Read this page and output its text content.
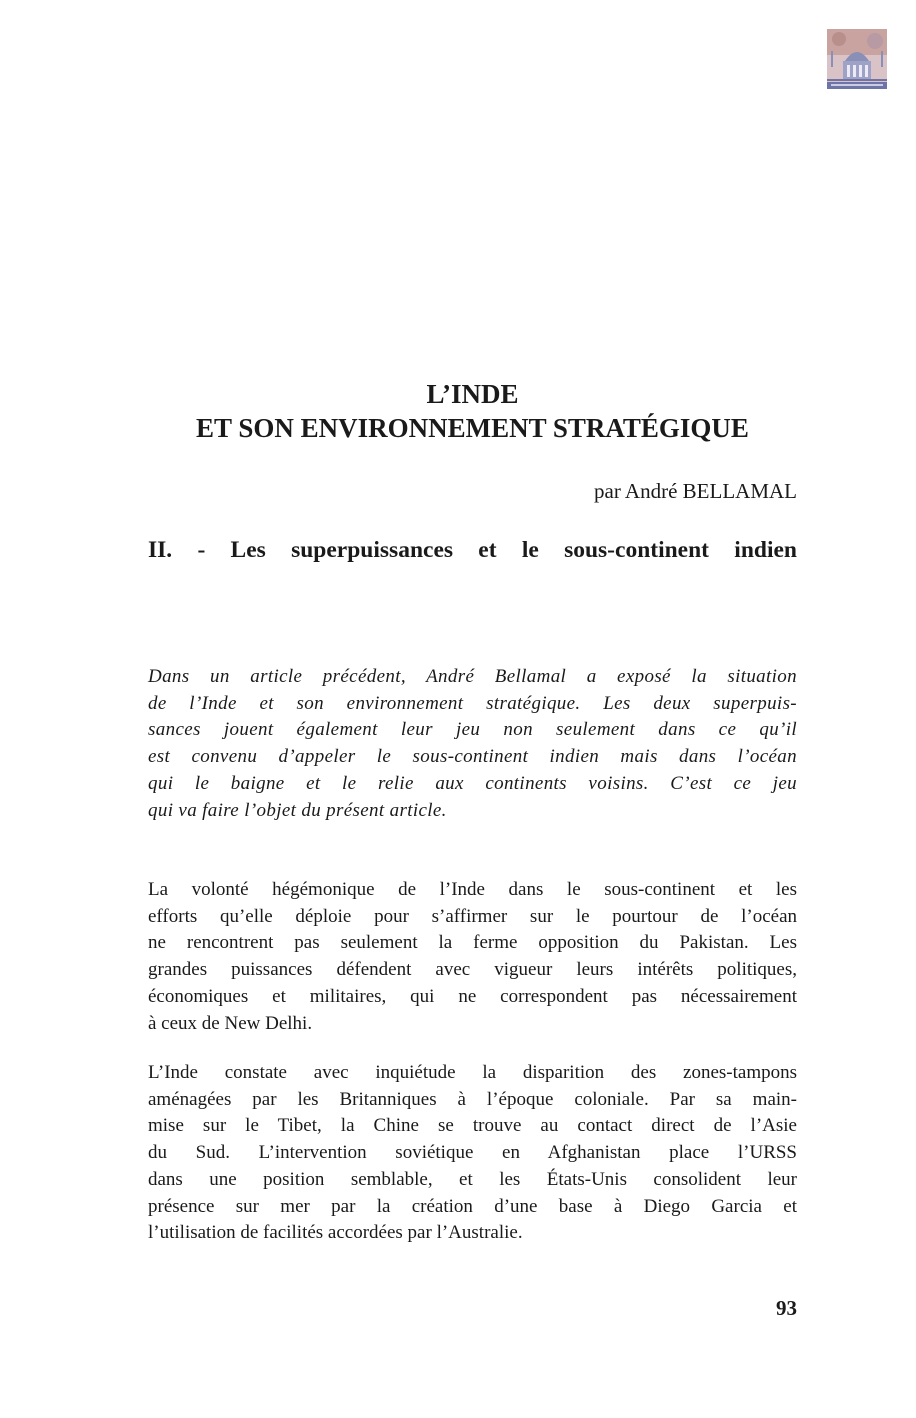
L’INDE
ET SON ENVIRONNEMENT STRATÉGIQUE
par André BELLAMAL
II. - Les superpuissances et le sous-continent indien

Dans un article précédent, André Bellamal a exposé la situation
de l’Inde et son environnement stratégique. Les deux superpuis-
sances jouent également leur jeu non seulement dans ce qu’il
est convenu d’appeler le sous-continent indien mais dans l’océan
qui le baigne et le relie aux continents voisins. C’est ce jeu
qui va faire l’objet du présent article.

La volonté hégémonique de l’Inde dans le sous-continent et les
efforts qu’elle déploie pour s’affirmer sur le pourtour de l’océan
ne rencontrent pas seulement la ferme opposition du Pakistan. Les
grandes puissances défendent avec vigueur leurs intérêts politiques,
économiques et militaires, qui ne correspondent pas nécessairement
à ceux de New Delhi.

L’Inde constate avec inquiétude la disparition des zones-tampons
aménagées par les Britanniques à l’époque coloniale. Par sa main-
mise sur le Tibet, la Chine se trouve au contact direct de l’Asie
du Sud. L’intervention soviétique en Afghanistan place l’URSS
dans une position semblable, et les États-Unis consolident leur
présence sur mer par la création d’une base à Diego Garcia et
l’utilisation de facilités accordées par l’Australie.

93
